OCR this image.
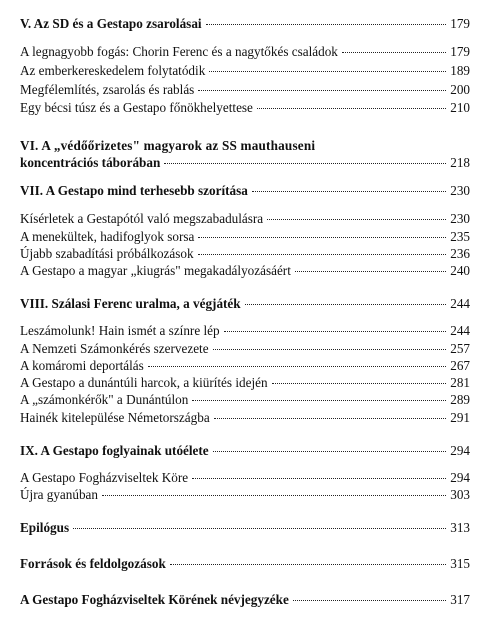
V. Az SD és a Gestapo zsarolásai	179
A legnagyobb fogás: Chorin Ferenc és a nagytőkés családok	179
Az emberkereskedelem folytatódik	189
Megfélemlítés, zsarolás és rablás	200
Egy bécsi túsz és a Gestapo főnökhelyettese	210
VI. A „védőőrizetes" magyarok az SS mauthauseni
koncentrációs táborában	218
VII. A Gestapo mind terhesebb szorítása	230
Kísérletek a Gestapótól való megszabadulásra	230
A menekültek, hadifoglyok sorsa	235
Újabb szabadítási próbálkozások	236
A Gestapo a magyar „kiugrás" megakadályozásáért	240
VIII. Szálasi Ferenc uralma, a végjáték	244
Leszámolunk! Hain ismét a színre lép	244
A Nemzeti Számonkérés szervezete	257
A komáromi deportálás	267
A Gestapo a dunántúli harcok, a kiürítés idején	281
A „számonkérők" a Dunántúlon	289
Hainék kitelepülése Németországba	291
IX. A Gestapo foglyainak utóélete	294
A Gestapo Fogházviseltek Köre	294
Újra gyanúban	303
Epilógus	313
Források és feldolgozások	315
A Gestapo Fogházviseltek Körének névjegyzéke	317
